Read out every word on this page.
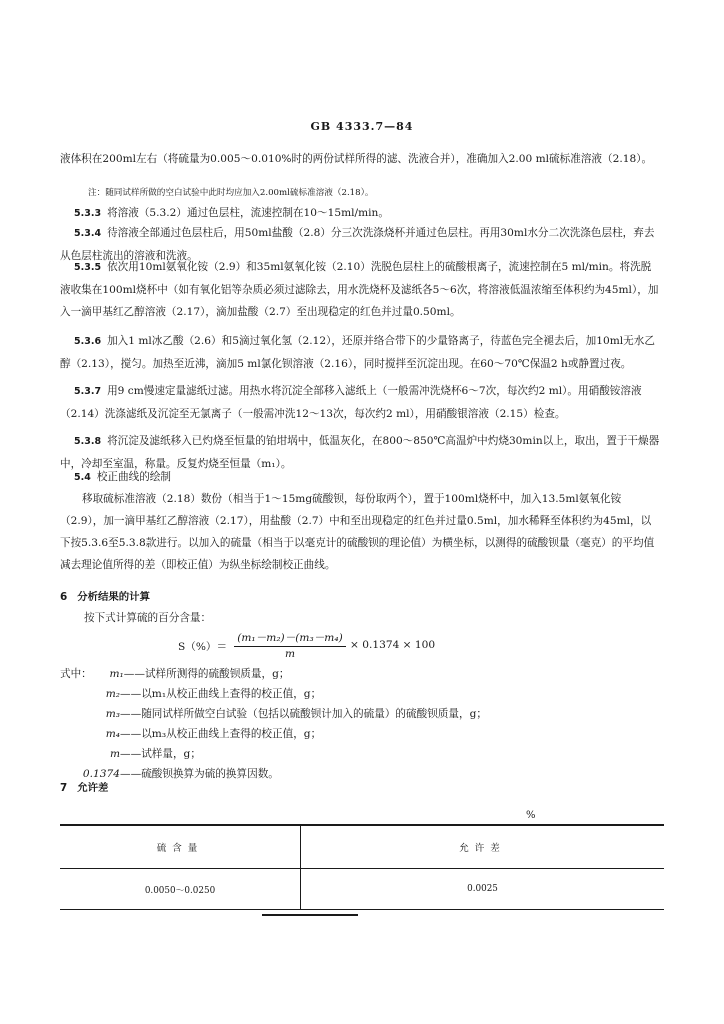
GB 4333.7—84
液体积在200ml左右（将硫量为0.005～0.010%时的两份试样所得的滤、洗液合并），准确加入2.00 ml硫标准溶液（2.18）。
注：随同试样所做的空白试验中此时均应加入2.00ml硫标准溶液（2.18）。
5.3.3 将溶液（5.3.2）通过色层柱，流速控制在10～15ml/min。
5.3.4 待溶液全部通过色层柱后，用50ml盐酸（2.8）分三次洗涤烧杯并通过色层柱。再用30ml水分二次洗涤色层柱，弃去从色层柱流出的溶液和洗液。
5.3.5 依次用10ml氨氧化铵（2.9）和35ml氨氧化铵（2.10）洗脱色层柱上的硫酸根离子，流速控制在5 ml/min。将洗脱液收集在100ml烧杯中（如有氧化铝等杂质必须过滤除去，用水洗烧杯及滤纸各5～6次，将溶液低温浓缩至体积约为45ml），加入一滴甲基红乙醇溶液（2.17），滴加盐酸（2.7）至出现稳定的红色并过量0.50ml。
5.3.6 加入1 ml冰乙酸（2.6）和5滴过氧化氢（2.12），还原并络合带下的少量铬离子，待蓝色完全褪去后，加10ml无水乙醇（2.13），搅匀。加热至近沸，滴加5 ml氯化钡溶液（2.16），同时搅拌至沉淀出现。在60～70℃保温2 h或静置过夜。
5.3.7 用9 cm慢速定量滤纸过滤。用热水将沉淀全部移入滤纸上（一般需冲洗烧杯6～7次，每次约2 ml）。用硝酸铵溶液（2.14）洗涤滤纸及沉淀至无氯离子（一般需冲洗12～13次，每次约2 ml），用硝酸银溶液（2.15）检查。
5.3.8 将沉淀及滤纸移入已灼烧至恒量的铂坩埚中，低温灰化，在800～850℃高温炉中灼烧30min以上，取出，置于干燥器中，冷却至室温，称量。反复灼烧至恒量（m₁）。
5.4 校正曲线的绘制
移取硫标准溶液（2.18）数份（相当于1～15mg硫酸钡，每份取两个），置于100ml烧杯中，加入13.5ml氨氧化铵（2.9），加一滴甲基红乙醇溶液（2.17），用盐酸（2.7）中和至出现稳定的红色并过量0.5ml，加水稀释至体积约为45ml，以下按5.3.6至5.3.8款进行。以加入的硫量（相当于以毫克计的硫酸钡的理论值）为横坐标，以测得的硫酸钡量（毫克）的平均值减去理论值所得的差（即校正值）为纵坐标绘制校正曲线。
6 分析结果的计算
按下式计算硫的百分含量：
S（%）＝
(m₁－m₂)－(m₃－m₄)
m
× 0.1374 × 100
式中： m₁——试样所测得的硫酸钡质量，g；
m₂——以m₁从校正曲线上查得的校正值，g；
m₃——随同试样所做空白试验（包括以硫酸钡计加入的硫量）的硫酸钡质量，g；
m₄——以m₃从校正曲线上查得的校正值，g；
m——试样量，g；
0.1374——硫酸钡换算为硫的换算因数。
7 允许差
%
硫含量	允许差
0.0050～0.0250	0.0025
